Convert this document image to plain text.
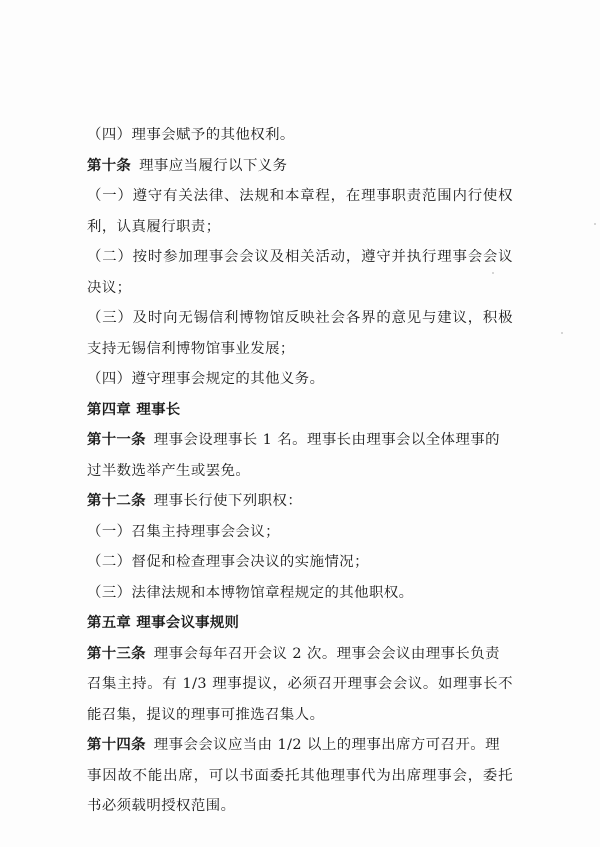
（四）理事会赋予的其他权利。
第十条 理事应当履行以下义务
（一）遵守有关法律、法规和本章程，在理事职责范围内行使权
利，认真履行职责；
（二）按时参加理事会会议及相关活动，遵守并执行理事会会议
决议；
（三）及时向无锡信利博物馆反映社会各界的意见与建议，积极
支持无锡信利博物馆事业发展；
（四）遵守理事会规定的其他义务。
第四章 理事长
第十一条 理事会设理事长 1 名。理事长由理事会以全体理事的
过半数选举产生或罢免。
第十二条 理事长行使下列职权：
（一）召集主持理事会会议；
（二）督促和检查理事会决议的实施情况；
（三）法律法规和本博物馆章程规定的其他职权。
第五章 理事会议事规则
第十三条 理事会每年召开会议 2 次。理事会会议由理事长负责
召集主持。有 1/3 理事提议，必须召开理事会会议。如理事长不
能召集，提议的理事可推选召集人。
第十四条 理事会会议应当由 1/2 以上的理事出席方可召开。理
事因故不能出席，可以书面委托其他理事代为出席理事会，委托
书必须载明授权范围。
